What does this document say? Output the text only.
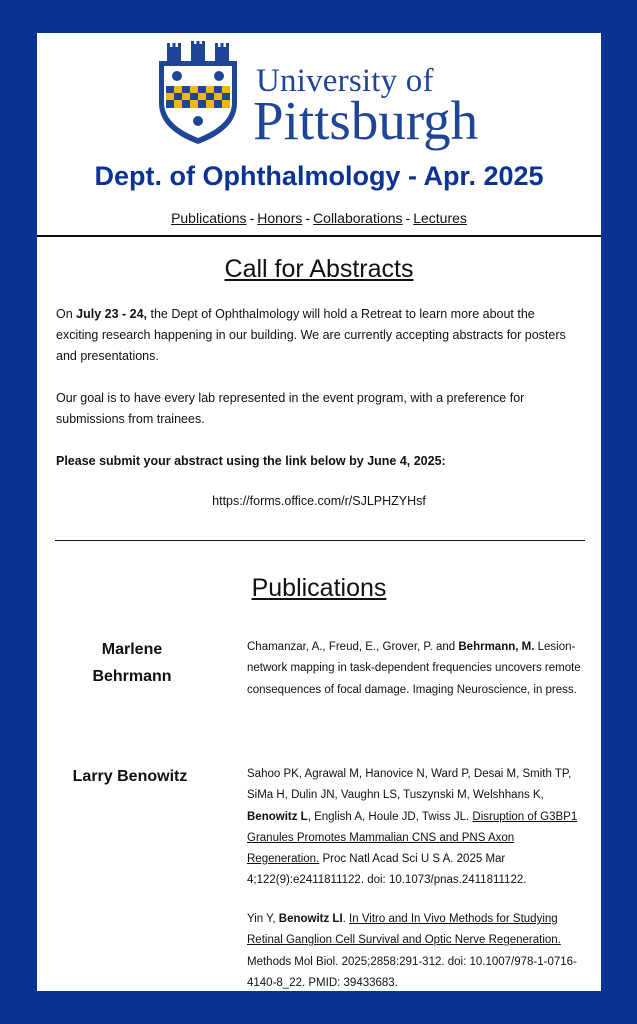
University of
Pittsburgh
Dept. of Ophthalmology - Apr. 2025
Publications - Honors - Collaborations - Lectures
Call for Abstracts
On July 23 - 24, the Dept of Ophthalmology will hold a Retreat to learn more about the exciting research happening in our building. We are currently accepting abstracts for posters and presentations.
Our goal is to have every lab represented in the event program, with a preference for submissions from trainees.
Please submit your abstract using the link below by June 4, 2025:
https://forms.office.com/r/SJLPHZYHsf
Publications
Marlene
Behrmann
Chamanzar, A., Freud, E., Grover, P. and Behrmann, M. Lesion-network mapping in task-dependent frequencies uncovers remote consequences of focal damage. Imaging Neuroscience, in press.
Larry Benowitz	Sahoo PK, Agrawal M, Hanovice N, Ward P, Desai M, Smith TP, SiMa H, Dulin JN, Vaughn LS, Tuszynski M, Welshhans K, Benowitz L, English A, Houle JD, Twiss JL. Disruption of G3BP1 Granules Promotes Mammalian CNS and PNS Axon Regeneration. Proc Natl Acad Sci U S A. 2025 Mar 4;122(9):e2411811122. doi: 10.1073/pnas.2411811122.
Yin Y, Benowitz LI. In Vitro and In Vivo Methods for Studying Retinal Ganglion Cell Survival and Optic Nerve Regeneration. Methods Mol Biol. 2025;2858:291-312. doi: 10.1007/978-1-0716-4140-8_22. PMID: 39433683.
